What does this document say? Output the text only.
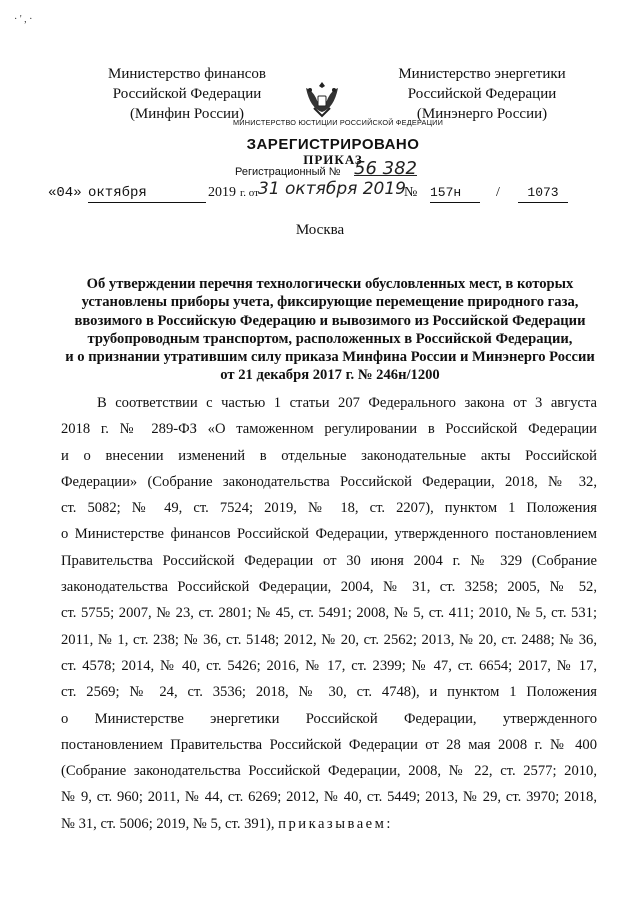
· ' , ·
Министерство финансов
Российской Федерации
(Минфин России)
Министерство энергетики
Российской Федерации
(Минэнерго России)
МИНИСТЕРСТВО ЮСТИЦИИ РОССИЙСКОЙ ФЕДЕРАЦИИ
ЗАРЕГИСТРИРОВАНО
ПРИКАЗ
Регистрационный № 56 382
«04» октября	2019 г. от 31 октября 2019
№ 157н	/	1073
Москва
Об утверждении перечня технологически обусловленных мест, в которых
установлены приборы учета, фиксирующие перемещение природного газа,
ввозимого в Российскую Федерацию и вывозимого из Российской Федерации
трубопроводным транспортом, расположенных в Российской Федерации,
и о признании утратившим силу приказа Минфина России и Минэнерго России
от 21 декабря 2017 г. № 246н/1200
В соответствии с частью 1 статьи 207 Федерального закона от 3 августа
2018 г. № 289-ФЗ «О таможенном регулировании в Российской Федерации
и о внесении изменений в отдельные законодательные акты Российской
Федерации» (Собрание законодательства Российской Федерации, 2018, № 32,
ст. 5082; № 49, ст. 7524; 2019, № 18, ст. 2207), пунктом 1 Положения
о Министерстве финансов Российской Федерации, утвержденного постановлением
Правительства Российской Федерации от 30 июня 2004 г. № 329 (Собрание
законодательства Российской Федерации, 2004, № 31, ст. 3258; 2005, № 52,
ст. 5755; 2007, № 23, ст. 2801; № 45, ст. 5491; 2008, № 5, ст. 411; 2010, № 5, ст. 531;
2011, № 1, ст. 238; № 36, ст. 5148; 2012, № 20, ст. 2562; 2013, № 20, ст. 2488; № 36,
ст. 4578; 2014, № 40, ст. 5426; 2016, № 17, ст. 2399; № 47, ст. 6654; 2017, № 17,
ст. 2569; № 24, ст. 3536; 2018, № 30, ст. 4748), и пунктом 1 Положения
о Министерстве энергетики Российской Федерации, утвержденного
постановлением Правительства Российской Федерации от 28 мая 2008 г. № 400
(Собрание законодательства Российской Федерации, 2008, № 22, ст. 2577; 2010,
№ 9, ст. 960; 2011, № 44, ст. 6269; 2012, № 40, ст. 5449; 2013, № 29, ст. 3970; 2018,
№ 31, ст. 5006; 2019, № 5, ст. 391), приказываем:
